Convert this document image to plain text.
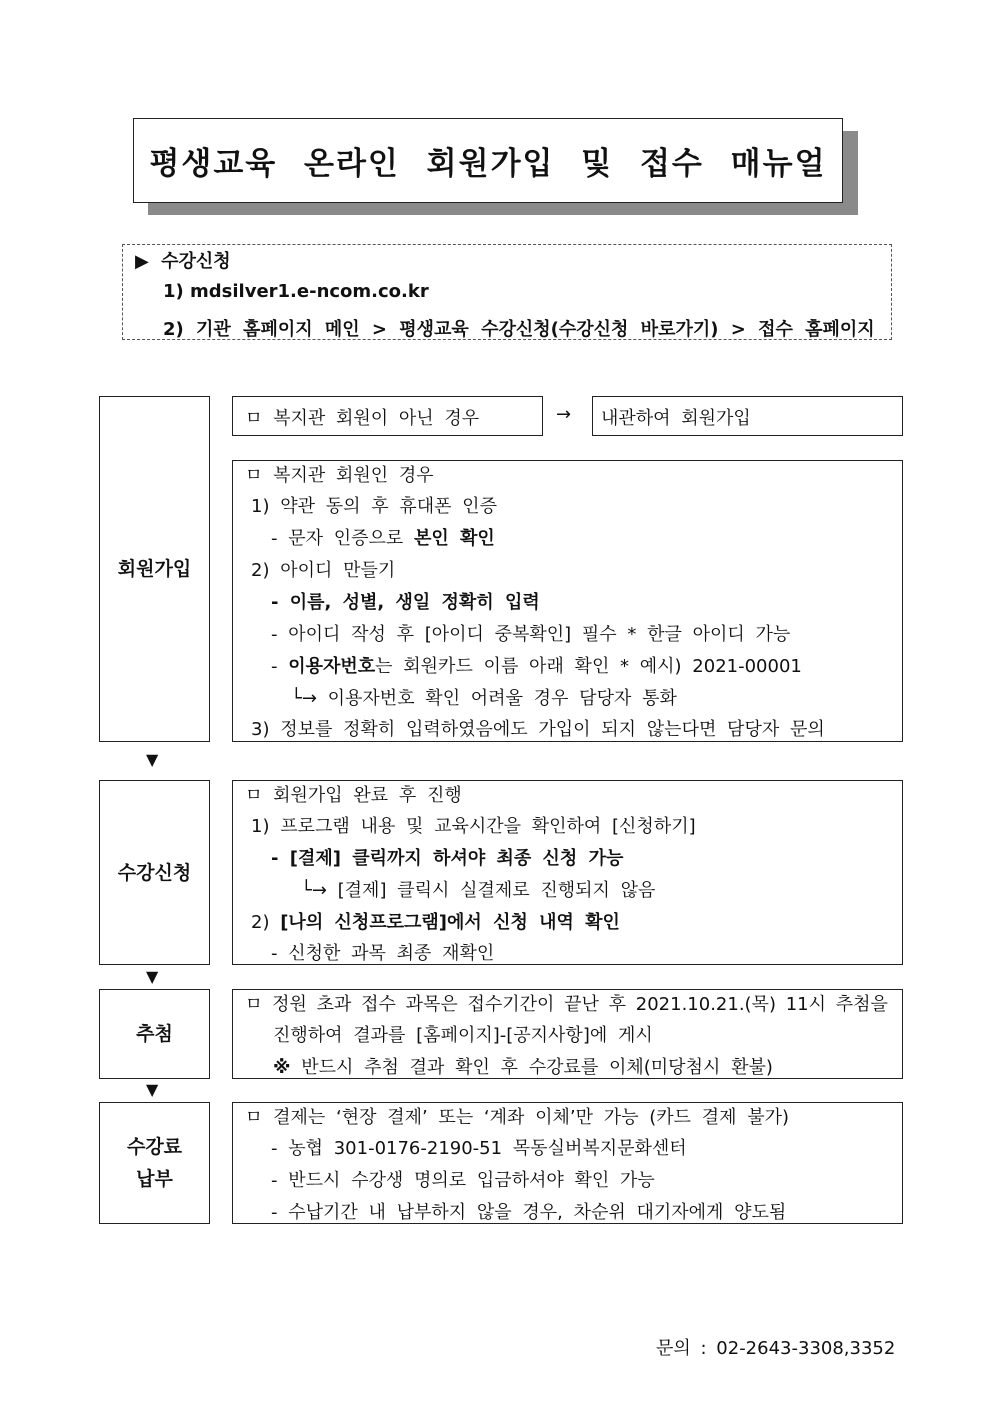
평생교육 온라인 회원가입 및 접수 매뉴얼
▶ 수강신청
1) mdsilver1.e-ncom.co.kr
2) 기관 홈페이지 메인 > 평생교육 수강신청(수강신청 바로가기) > 접수 홈페이지
회원가입
ㅁ 복지관 회원이 아닌 경우	→ 내관하여 회원가입
ㅁ 복지관 회원인 경우
1) 약관 동의 후 휴대폰 인증
- 문자 인증으로 본인 확인
2) 아이디 만들기
- 이름, 성별, 생일 정확히 입력
- 아이디 작성 후 [아이디 중복확인] 필수 * 한글 아이디 가능
- 이용자번호는 회원카드 이름 아래 확인 * 예시) 2021-00001
└→ 이용자번호 확인 어려울 경우 담당자 통화
3) 정보를 정확히 입력하였음에도 가입이 되지 않는다면 담당자 문의
▼
수강신청
ㅁ 회원가입 완료 후 진행
1) 프로그램 내용 및 교육시간을 확인하여 [신청하기]
- [결제] 클릭까지 하셔야 최종 신청 가능
└→ [결제] 클릭시 실결제로 진행되지 않음
2) [나의 신청프로그램]에서 신청 내역 확인
- 신청한 과목 최종 재확인
▼
추첨
ㅁ 정원 초과 접수 과목은 접수기간이 끝난 후 2021.10.21.(목) 11시 추첨을
진행하여 결과를 [홈페이지]-[공지사항]에 게시
※ 반드시 추첨 결과 확인 후 수강료를 이체(미당첨시 환불)
▼
수강료
납부
ㅁ 결제는 ‘현장 결제’ 또는 ‘계좌 이체’만 가능 (카드 결제 불가)
- 농협 301-0176-2190-51 목동실버복지문화센터
- 반드시 수강생 명의로 입금하셔야 확인 가능
- 수납기간 내 납부하지 않을 경우, 차순위 대기자에게 양도됨
문의 : 02-2643-3308,3352
